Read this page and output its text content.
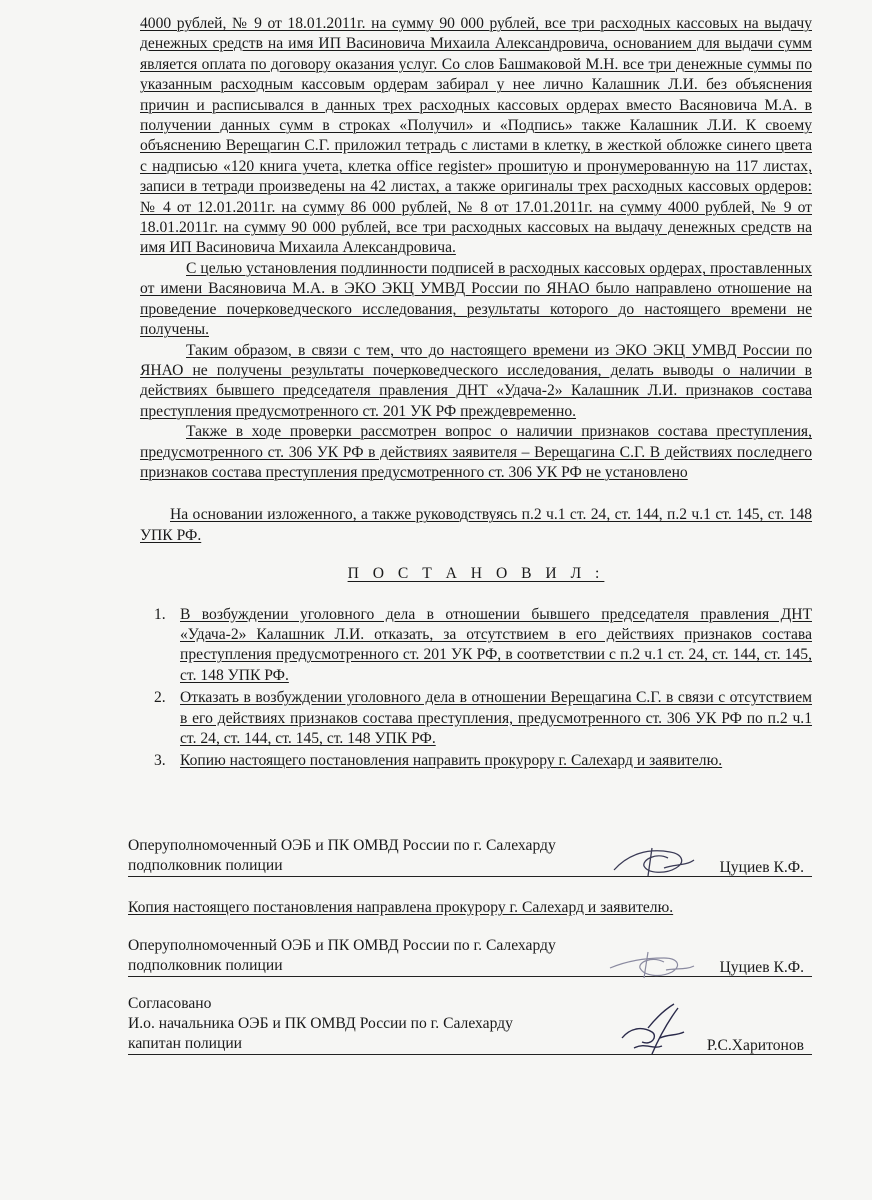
4000 рублей, № 9 от 18.01.2011г. на сумму 90 000 рублей, все три расходных кассовых на выдачу денежных средств на имя ИП Васиновича Михаила Александровича, основанием для выдачи сумм является оплата по договору оказания услуг. Со слов Башмаковой М.Н. все три денежные суммы по указанным расходным кассовым ордерам забирал у нее лично Калашник Л.И. без объяснения причин и расписывался в данных трех расходных кассовых ордерах вместо Васяновича М.А. в получении данных сумм в строках «Получил» и «Подпись» также Калашник Л.И. К своему объяснению Верещагин С.Г. приложил тетрадь с листами в клетку, в жесткой обложке синего цвета с надписью «120 книга учета, клетка office register» прошитую и пронумерованную на 117 листах, записи в тетради произведены на 42 листах, а также оригиналы трех расходных кассовых ордеров: № 4 от 12.01.2011г. на сумму 86 000 рублей, № 8 от 17.01.2011г. на сумму 4000 рублей, № 9 от 18.01.2011г. на сумму 90 000 рублей, все три расходных кассовых на выдачу денежных средств на имя ИП Васиновича Михаила Александровича.

С целью установления подлинности подписей в расходных кассовых ордерах, проставленных от имени Васяновича М.А. в ЭКО ЭКЦ УМВД России по ЯНАО было направлено отношение на проведение почерковедческого исследования, результаты которого до настоящего времени не получены.

Таким образом, в связи с тем, что до настоящего времени из ЭКО ЭКЦ УМВД России по ЯНАО не получены результаты почерковедческого исследования, делать выводы о наличии в действиях бывшего председателя правления ДНТ «Удача-2» Калашник Л.И. признаков состава преступления предусмотренного ст. 201 УК РФ преждевременно.

Также в ходе проверки рассмотрен вопрос о наличии признаков состава преступления, предусмотренного ст. 306 УК РФ в действиях заявителя – Верещагина С.Г. В действиях последнего признаков состава преступления предусмотренного ст. 306 УК РФ не установлено

На основании изложенного, а также руководствуясь п.2 ч.1 ст. 24, ст. 144, п.2 ч.1 ст. 145, ст. 148 УПК РФ.

П О С Т А Н О В И Л :
1. В возбуждении уголовного дела в отношении бывшего председателя правления ДНТ «Удача-2» Калашник Л.И. отказать, за отсутствием в его действиях признаков состава преступления предусмотренного ст. 201 УК РФ, в соответствии с п.2 ч.1 ст. 24, ст. 144, ст. 145, ст. 148 УПК РФ.
2. Отказать в возбуждении уголовного дела в отношении Верещагина С.Г. в связи с отсутствием в его действиях признаков состава преступления, предусмотренного ст. 306 УК РФ по п.2 ч.1 ст. 24, ст. 144, ст. 145, ст. 148 УПК РФ.
3. Копию настоящего постановления направить прокурору г. Салехард и заявителю.
Оперуполномоченный ОЭБ и ПК ОМВД России по г. Салехарду
подполковник полиции	Цуциев К.Ф.
Копия настоящего постановления направлена прокурору г. Салехард и заявителю.
Оперуполномоченный ОЭБ и ПК ОМВД России по г. Салехарду
подполковник полиции	Цуциев К.Ф.
Согласовано
И.о. начальника ОЭБ и ПК ОМВД России по г. Салехарду
капитан полиции	Р.С.Харитонов
